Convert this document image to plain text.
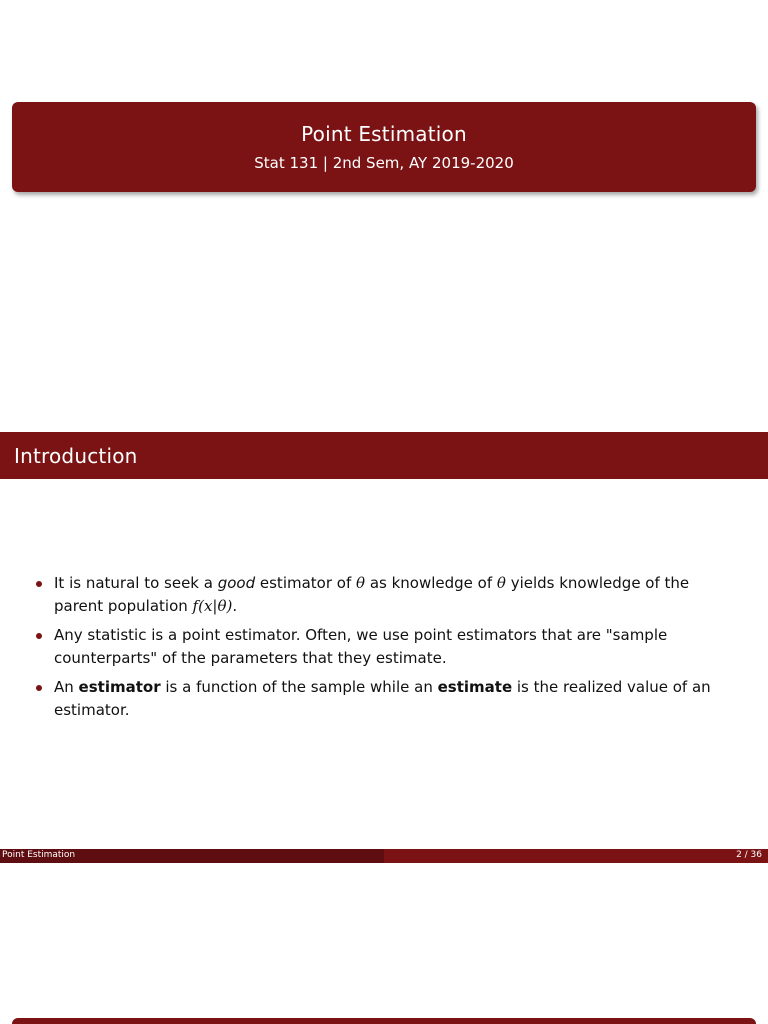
Point Estimation
Stat 131 | 2nd Sem, AY 2019-2020
Introduction
It is natural to seek a good estimator of θ as knowledge of θ yields knowledge of the parent population f(x|θ).
Any statistic is a point estimator. Often, we use point estimators that are "sample counterparts" of the parameters that they estimate.
An estimator is a function of the sample while an estimate is the realized value of an estimator.
Point Estimation	2 / 36
